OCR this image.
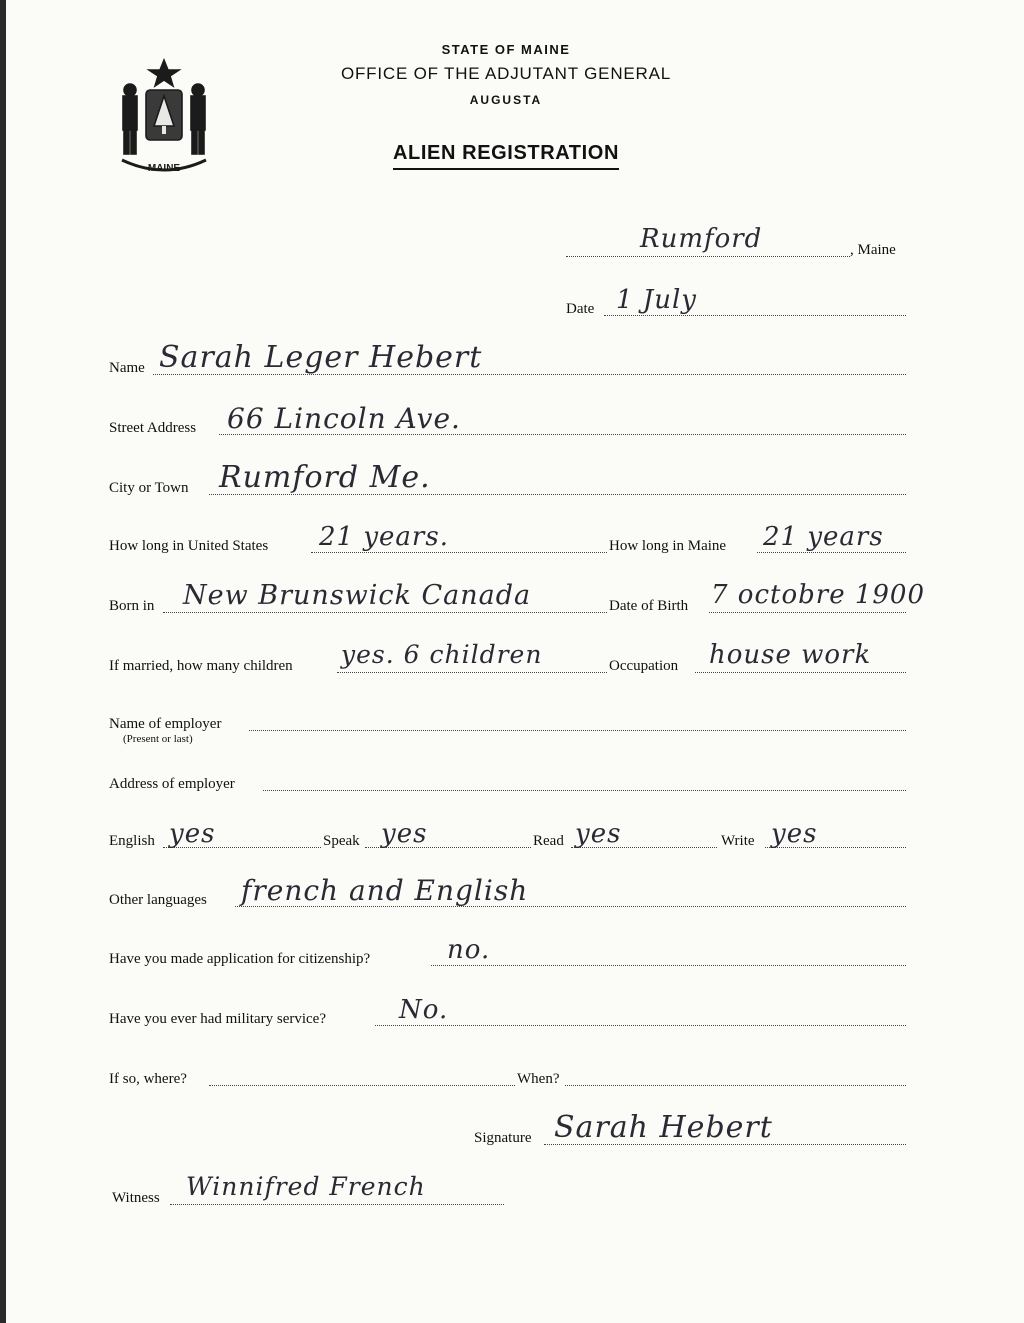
MAINE
STATE OF MAINE
OFFICE OF THE ADJUTANT GENERAL
AUGUSTA
ALIEN REGISTRATION
Rumford	, Maine
Date 1 July
Name Sarah Leger Hebert
Street Address 66 Lincoln Ave.
City or Town Rumford Me.
How long in United States 21 years.	How long in Maine 21 years
Born in New Brunswick Canada	Date of Birth 7 octobre 1900
If married, how many children yes. 6 children	Occupation house work
Name of employer
(Present or last)
Address of employer
English yes	Speak yes	Read yes	Write yes
Other languages french and English
Have you made application for citizenship?	no.
Have you ever had military service?	No.
If so, where?	When?
Signature Sarah Hebert
Witness Winnifred French
